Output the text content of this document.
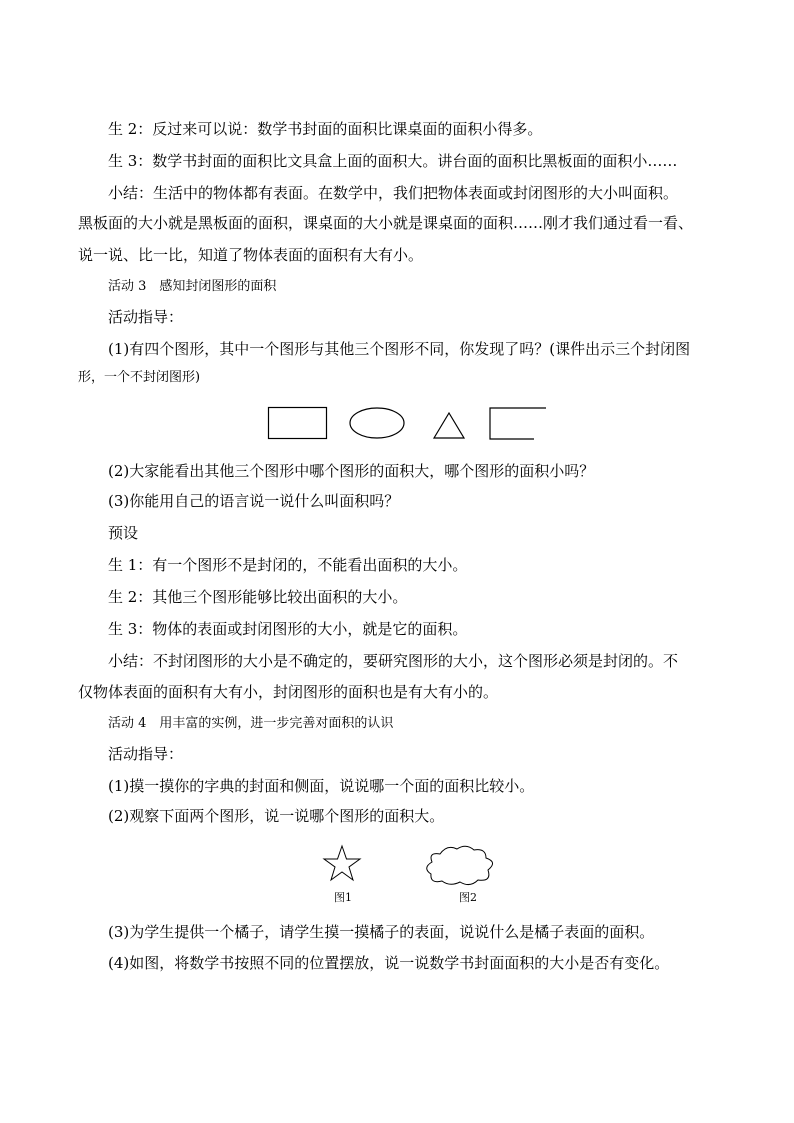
生 2：反过来可以说：数学书封面的面积比课桌面的面积小得多。
生 3：数学书封面的面积比文具盒上面的面积大。讲台面的面积比黑板面的面积小……
小结：生活中的物体都有表面。在数学中，我们把物体表面或封闭图形的大小叫面积。
黑板面的大小就是黑板面的面积，课桌面的大小就是课桌面的面积……刚才我们通过看一看、
说一说、比一比，知道了物体表面的面积有大有小。
活动 3　感知封闭图形的面积
活动指导：
(1)有四个图形，其中一个图形与其他三个图形不同，你发现了吗？(课件出示三个封闭图
形，一个不封闭图形)
(2)大家能看出其他三个图形中哪个图形的面积大，哪个图形的面积小吗？
(3)你能用自己的语言说一说什么叫面积吗？
预设
生 1：有一个图形不是封闭的，不能看出面积的大小。
生 2：其他三个图形能够比较出面积的大小。
生 3：物体的表面或封闭图形的大小，就是它的面积。
小结：不封闭图形的大小是不确定的，要研究图形的大小，这个图形必须是封闭的。不
仅物体表面的面积有大有小，封闭图形的面积也是有大有小的。
活动 4　用丰富的实例，进一步完善对面积的认识
活动指导：
(1)摸一摸你的字典的封面和侧面，说说哪一个面的面积比较小。
(2)观察下面两个图形，说一说哪个图形的面积大。
图1	图2
(3)为学生提供一个橘子，请学生摸一摸橘子的表面，说说什么是橘子表面的面积。
(4)如图，将数学书按照不同的位置摆放，说一说数学书封面面积的大小是否有变化。
